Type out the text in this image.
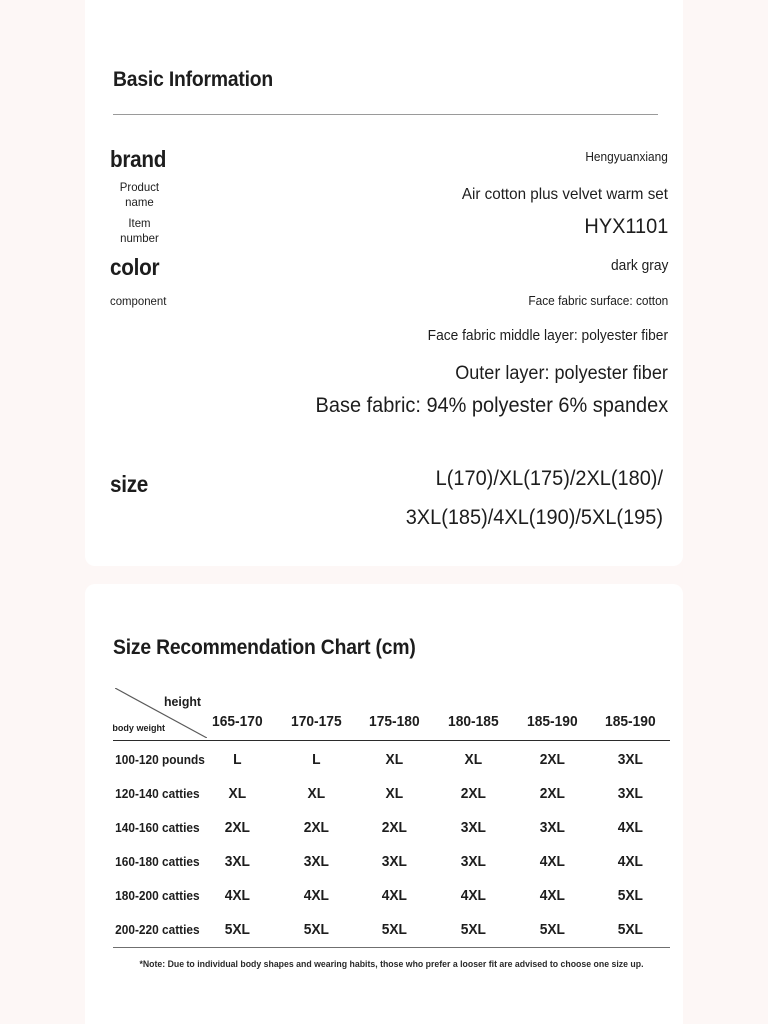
Basic Information
brand	Hengyuanxiang
Product
name	Air cotton plus velvet warm set
Item
number	HYX1101
color	dark gray
component	Face fabric surface: cotton
Face fabric middle layer: polyester fiber
Outer layer: polyester fiber
Base fabric: 94% polyester 6% spandex
size	L(170)/XL(175)/2XL(180)/
3XL(185)/4XL(190)/5XL(195)
Size Recommendation Chart (cm)
height
body weight	165-170	170-175	175-180	180-185	185-190	185-190
100-120 pounds	L	L	XL	XL	2XL	3XL
120-140 catties	XL	XL	XL	2XL	2XL	3XL
140-160 catties	2XL	2XL	2XL	3XL	3XL	4XL
160-180 catties	3XL	3XL	3XL	3XL	4XL	4XL
180-200 catties	4XL	4XL	4XL	4XL	4XL	5XL
200-220 catties	5XL	5XL	5XL	5XL	5XL	5XL
*Note: Due to individual body shapes and wearing habits, those who prefer a looser fit are advised to choose one size up.
